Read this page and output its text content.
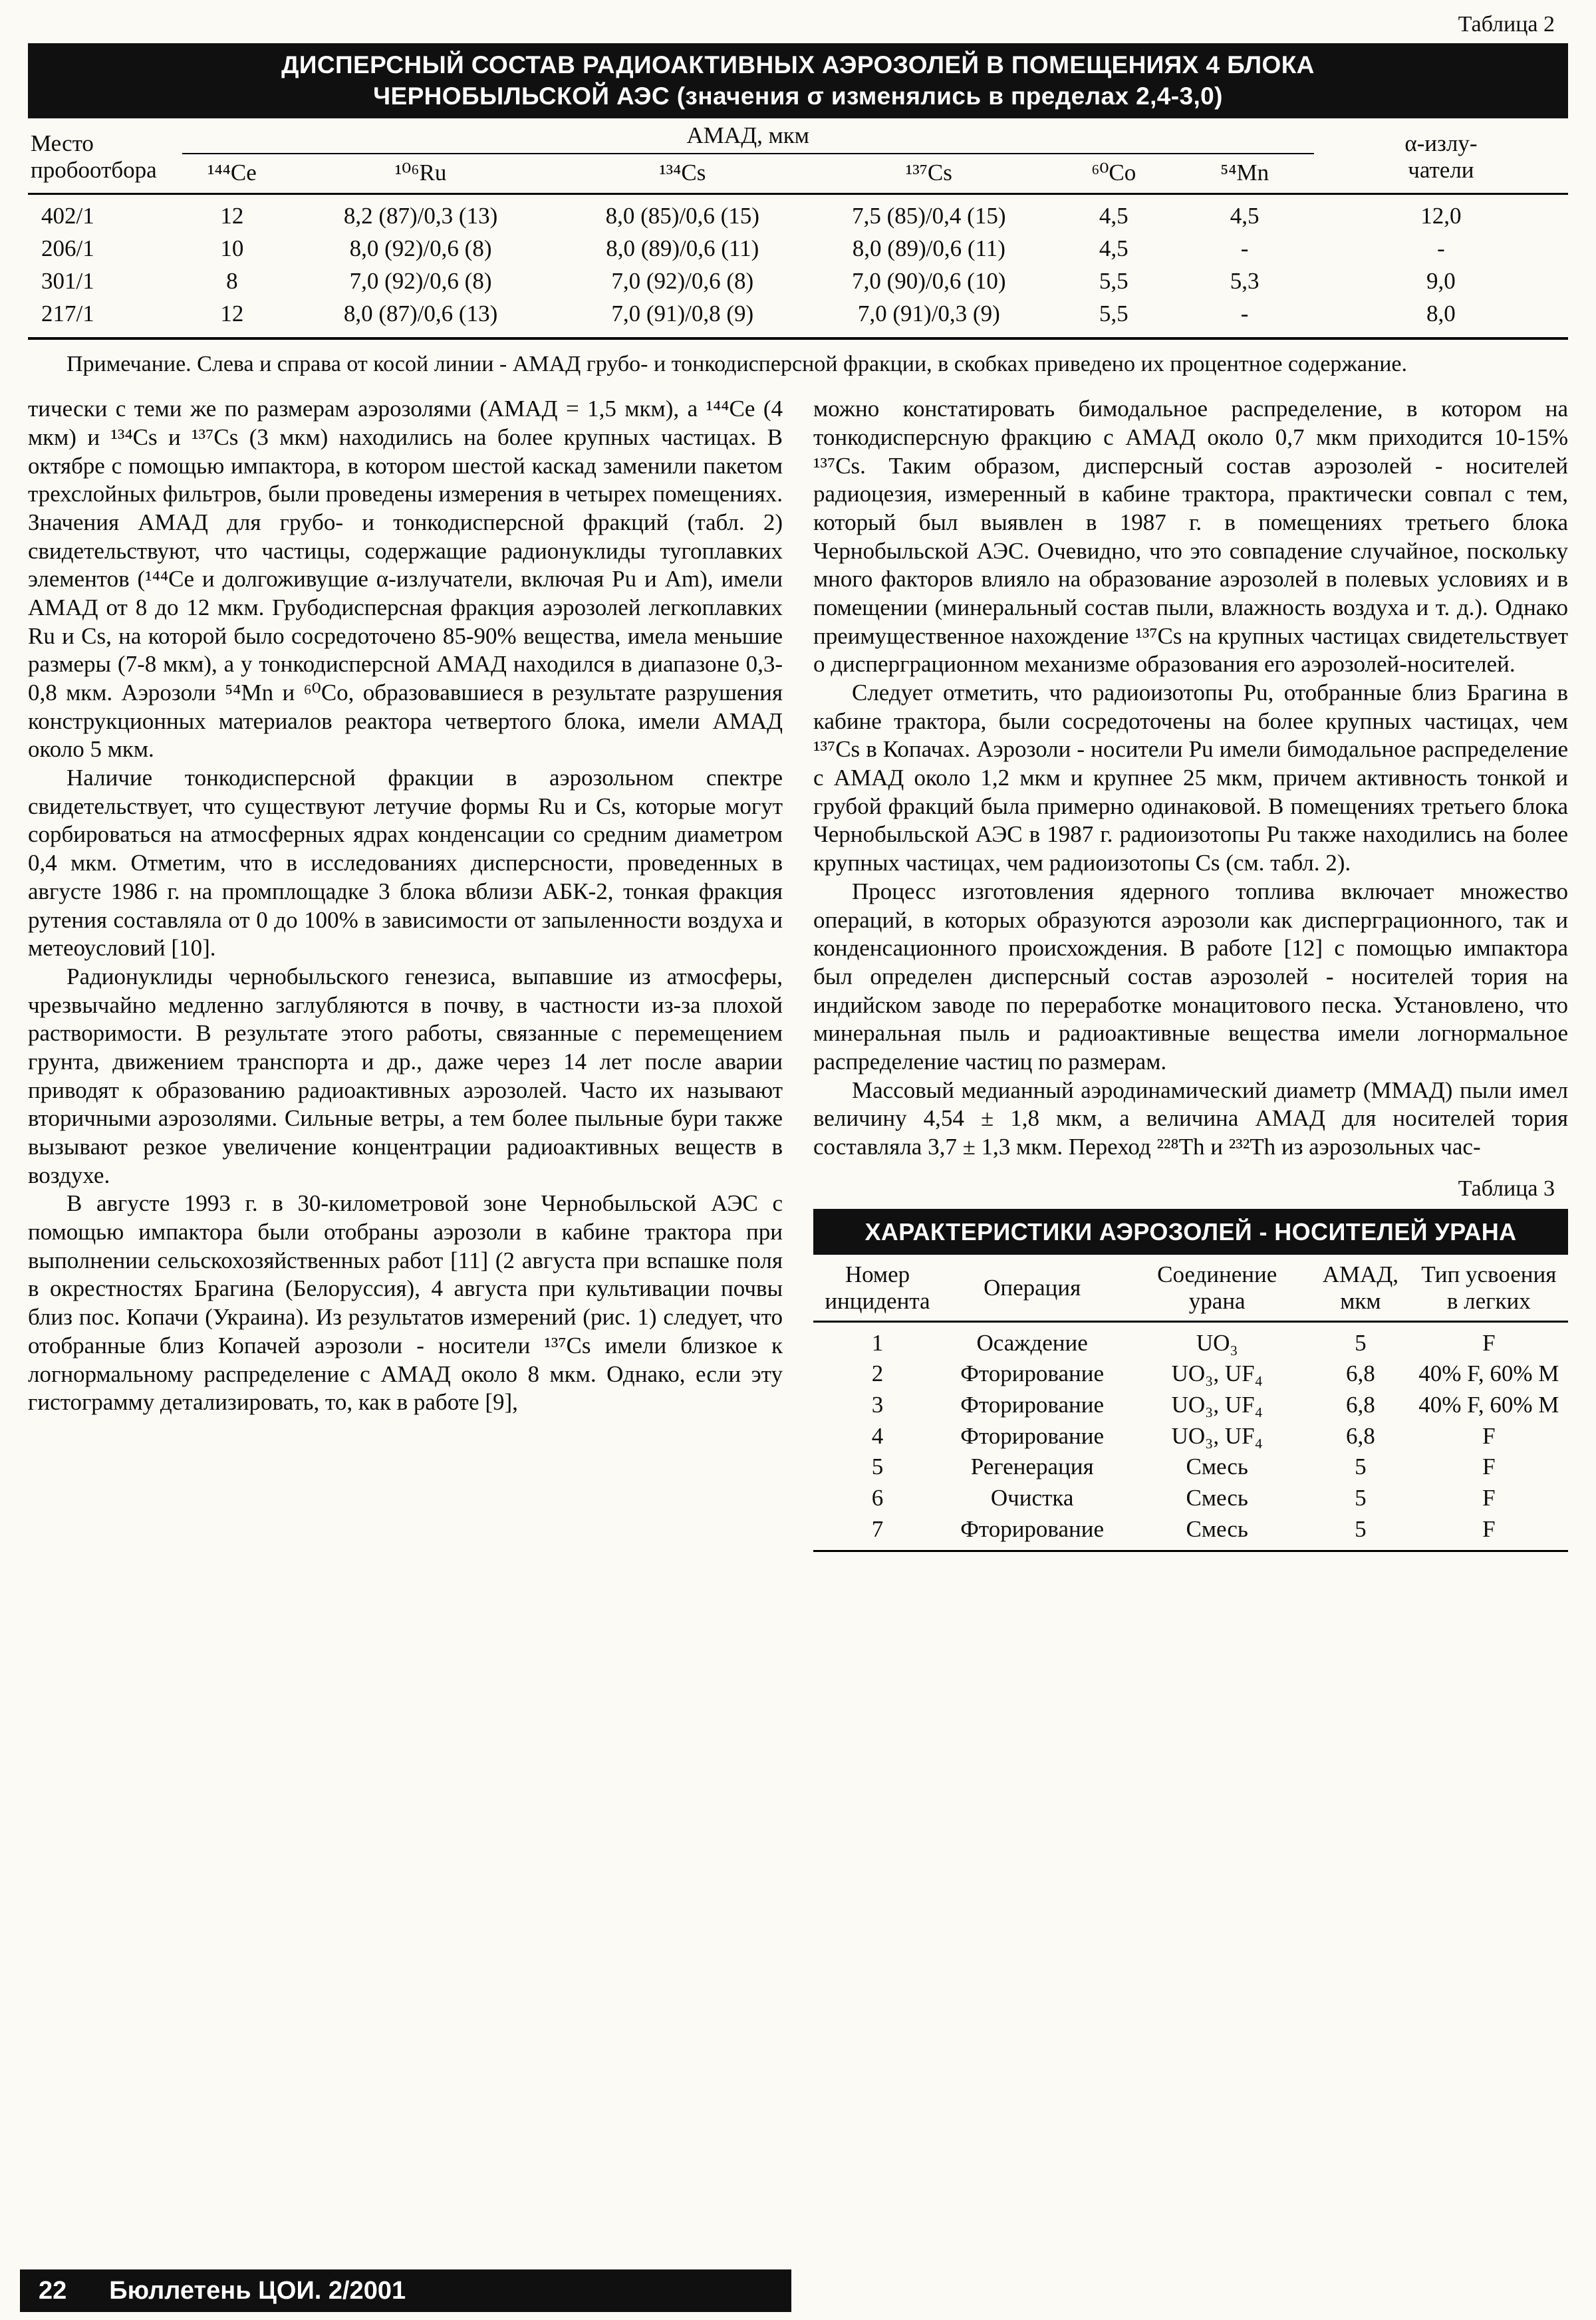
Таблица 2
ДИСПЕРСНЫЙ СОСТАВ РАДИОАКТИВНЫХ АЭРОЗОЛЕЙ В ПОМЕЩЕНИЯХ 4 БЛОКА
ЧЕРНОБЫЛЬСКОЙ АЭС (значения σ изменялись в пределах 2,4-3,0)
Место
пробоотбора	АМАД, мкм						α-излу-
чатели
	¹⁴⁴Ce	¹⁰⁶Ru	¹³⁴Cs	¹³⁷Cs	⁶⁰Co	⁵⁴Mn	
402/1	12	8,2 (87)/0,3 (13)	8,0 (85)/0,6 (15)	7,5 (85)/0,4 (15)	4,5	4,5	12,0
206/1	10	8,0 (92)/0,6 (8)	8,0 (89)/0,6 (11)	8,0 (89)/0,6 (11)	4,5	-	-
301/1	8	7,0 (92)/0,6 (8)	7,0 (92)/0,6 (8)	7,0 (90)/0,6 (10)	5,5	5,3	9,0
217/1	12	8,0 (87)/0,6 (13)	7,0 (91)/0,8 (9)	7,0 (91)/0,3 (9)	5,5	-	8,0

Примечание. Слева и справа от косой линии - АМАД грубо- и тонкодисперсной фракции, в скобках приведено их процентное содержание.

тически с теми же по размерам аэрозолями (АМАД = 1,5 мкм), а ¹⁴⁴Ce (4 мкм) и ¹³⁴Cs и ¹³⁷Cs (3 мкм) находились на более крупных частицах. В октябре с помощью импактора, в котором шестой каскад заменили пакетом трехслойных фильтров, были проведены измерения в четырех помещениях. Значения АМАД для грубо- и тонкодисперсной фракций (табл. 2) свидетельствуют, что частицы, содержащие радионуклиды тугоплавких элементов (¹⁴⁴Ce и долгоживущие α-излучатели, включая Pu и Am), имели АМАД от 8 до 12 мкм. Грубодисперсная фракция аэрозолей легкоплавких Ru и Cs, на которой было сосредоточено 85-90% вещества, имела меньшие размеры (7-8 мкм), а у тонкодисперсной АМАД находился в диапазоне 0,3-0,8 мкм. Аэрозоли ⁵⁴Mn и ⁶⁰Co, образовавшиеся в результате разрушения конструкционных материалов реактора четвертого блока, имели АМАД около 5 мкм.

Наличие тонкодисперсной фракции в аэрозольном спектре свидетельствует, что существуют летучие формы Ru и Cs, которые могут сорбироваться на атмосферных ядрах конденсации со средним диаметром 0,4 мкм. Отметим, что в исследованиях дисперсности, проведенных в августе 1986 г. на промплощадке 3 блока вблизи АБК-2, тонкая фракция рутения составляла от 0 до 100% в зависимости от запыленности воздуха и метеоусловий [10].

Радионуклиды чернобыльского генезиса, выпавшие из атмосферы, чрезвычайно медленно заглубляются в почву, в частности из-за плохой растворимости. В результате этого работы, связанные с перемещением грунта, движением транспорта и др., даже через 14 лет после аварии приводят к образованию радиоактивных аэрозолей. Часто их называют вторичными аэрозолями. Сильные ветры, а тем более пыльные бури также вызывают резкое увеличение концентрации радиоактивных веществ в воздухе.

В августе 1993 г. в 30-километровой зоне Чернобыльской АЭС с помощью импактора были отобраны аэрозоли в кабине трактора при выполнении сельскохозяйственных работ [11] (2 августа при вспашке поля в окрестностях Брагина (Белоруссия), 4 августа при культивации почвы близ пос. Копачи (Украина). Из результатов измерений (рис. 1) следует, что отобранные близ Копачей аэрозоли - носители ¹³⁷Cs имели близкое к логнормальному распределение с АМАД около 8 мкм. Однако, если эту гистограмму детализировать, то, как в работе [9],

можно констатировать бимодальное распределение, в котором на тонкодисперсную фракцию с АМАД около 0,7 мкм приходится 10-15% ¹³⁷Cs. Таким образом, дисперсный состав аэрозолей - носителей радиоцезия, измеренный в кабине трактора, практически совпал с тем, который был выявлен в 1987 г. в помещениях третьего блока Чернобыльской АЭС. Очевидно, что это совпадение случайное, поскольку много факторов влияло на образование аэрозолей в полевых условиях и в помещении (минеральный состав пыли, влажность воздуха и т. д.). Однако преимущественное нахождение ¹³⁷Cs на крупных частицах свидетельствует о дисперграционном механизме образования его аэрозолей-носителей.

Следует отметить, что радиоизотопы Pu, отобранные близ Брагина в кабине трактора, были сосредоточены на более крупных частицах, чем ¹³⁷Cs в Копачах. Аэрозоли - носители Pu имели бимодальное распределение с АМАД около 1,2 мкм и крупнее 25 мкм, причем активность тонкой и грубой фракций была примерно одинаковой. В помещениях третьего блока Чернобыльской АЭС в 1987 г. радиоизотопы Pu также находились на более крупных частицах, чем радиоизотопы Cs (см. табл. 2).

Процесс изготовления ядерного топлива включает множество операций, в которых образуются аэрозоли как дисперграционного, так и конденсационного происхождения. В работе [12] с помощью импактора был определен дисперсный состав аэрозолей - носителей тория на индийском заводе по переработке монацитового песка. Установлено, что минеральная пыль и радиоактивные вещества имели логнормальное распределение частиц по размерам.

Массовый медианный аэродинамический диаметр (ММАД) пыли имел величину 4,54 ± 1,8 мкм, а величина АМАД для носителей тория составляла 3,7 ± 1,3 мкм. Переход ²²⁸Th и ²³²Th из аэрозольных час-

Таблица 3
ХАРАКТЕРИСТИКИ АЭРОЗОЛЕЙ - НОСИТЕЛЕЙ УРАНА
Номер инцидента	Операция	Соединение урана	АМАД, мкм	Тип усвоения в легких
1	Осаждение	UO₃	5	F
2	Фторирование	UO₃, UF₄	6,8	40% F, 60% M
3	Фторирование	UO₃, UF₄	6,8	40% F, 60% M
4	Фторирование	UO₃, UF₄	6,8	F
5	Регенерация	Смесь	5	F
6	Очистка	Смесь	5	F
7	Фторирование	Смесь	5	F
22 Бюллетень ЦОИ. 2/2001
